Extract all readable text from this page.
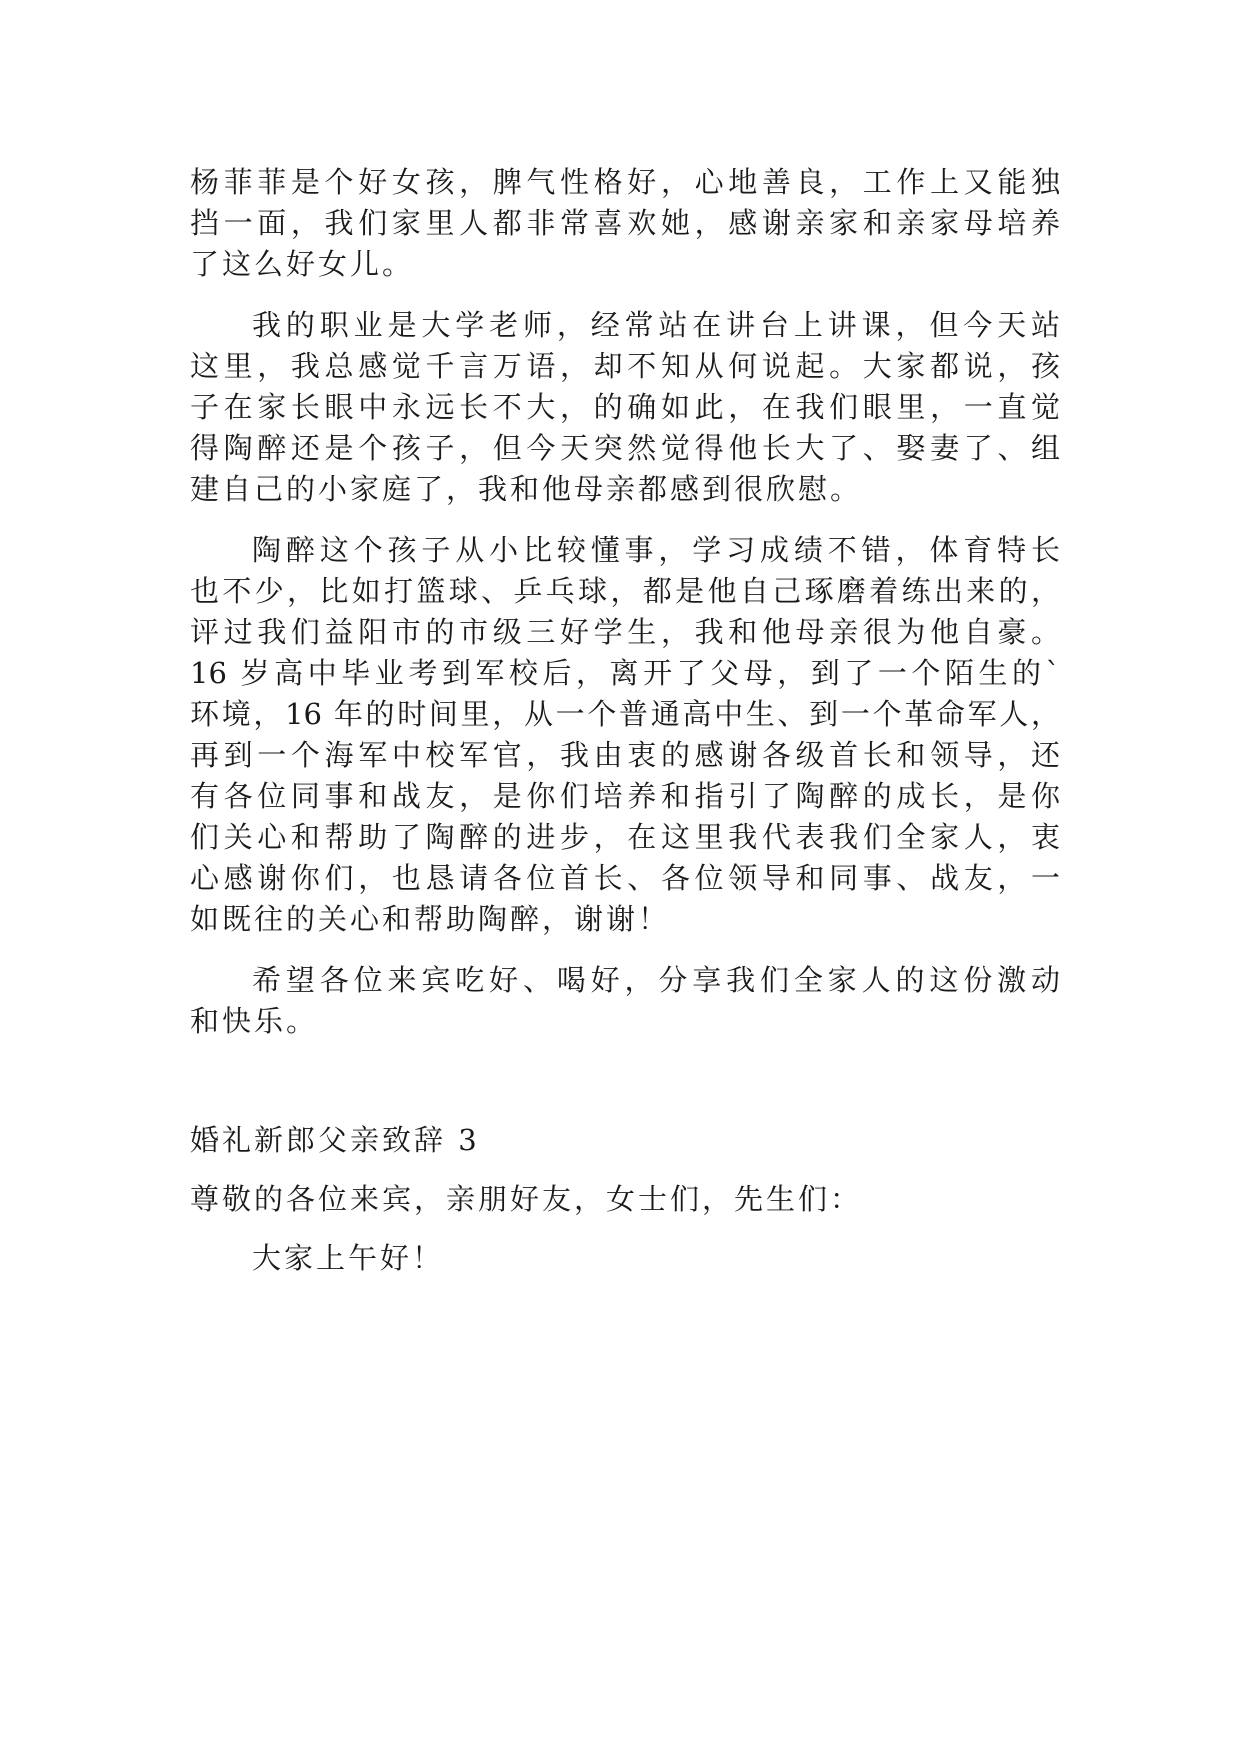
杨菲菲是个好女孩，脾气性格好，心地善良，工作上又能独

挡一面，我们家里人都非常喜欢她，感谢亲家和亲家母培养

了这么好女儿。

我的职业是大学老师，经常站在讲台上讲课，但今天站

这里，我总感觉千言万语，却不知从何说起。大家都说，孩

子在家长眼中永远长不大，的确如此，在我们眼里，一直觉

得陶醉还是个孩子，但今天突然觉得他长大了、娶妻了、组

建自己的小家庭了，我和他母亲都感到很欣慰。

陶醉这个孩子从小比较懂事，学习成绩不错，体育特长

也不少，比如打篮球、乒乓球，都是他自己琢磨着练出来的，

评过我们益阳市的市级三好学生，我和他母亲很为他自豪。

16 岁高中毕业考到军校后，离开了父母，到了一个陌生的`

环境，16 年的时间里，从一个普通高中生、到一个革命军人，

再到一个海军中校军官，我由衷的感谢各级首长和领导，还

有各位同事和战友，是你们培养和指引了陶醉的成长，是你

们关心和帮助了陶醉的进步，在这里我代表我们全家人，衷

心感谢你们，也恳请各位首长、各位领导和同事、战友，一

如既往的关心和帮助陶醉，谢谢！

希望各位来宾吃好、喝好，分享我们全家人的这份激动

和快乐。

婚礼新郎父亲致辞 3

尊敬的各位来宾，亲朋好友，女士们，先生们：

大家上午好！
